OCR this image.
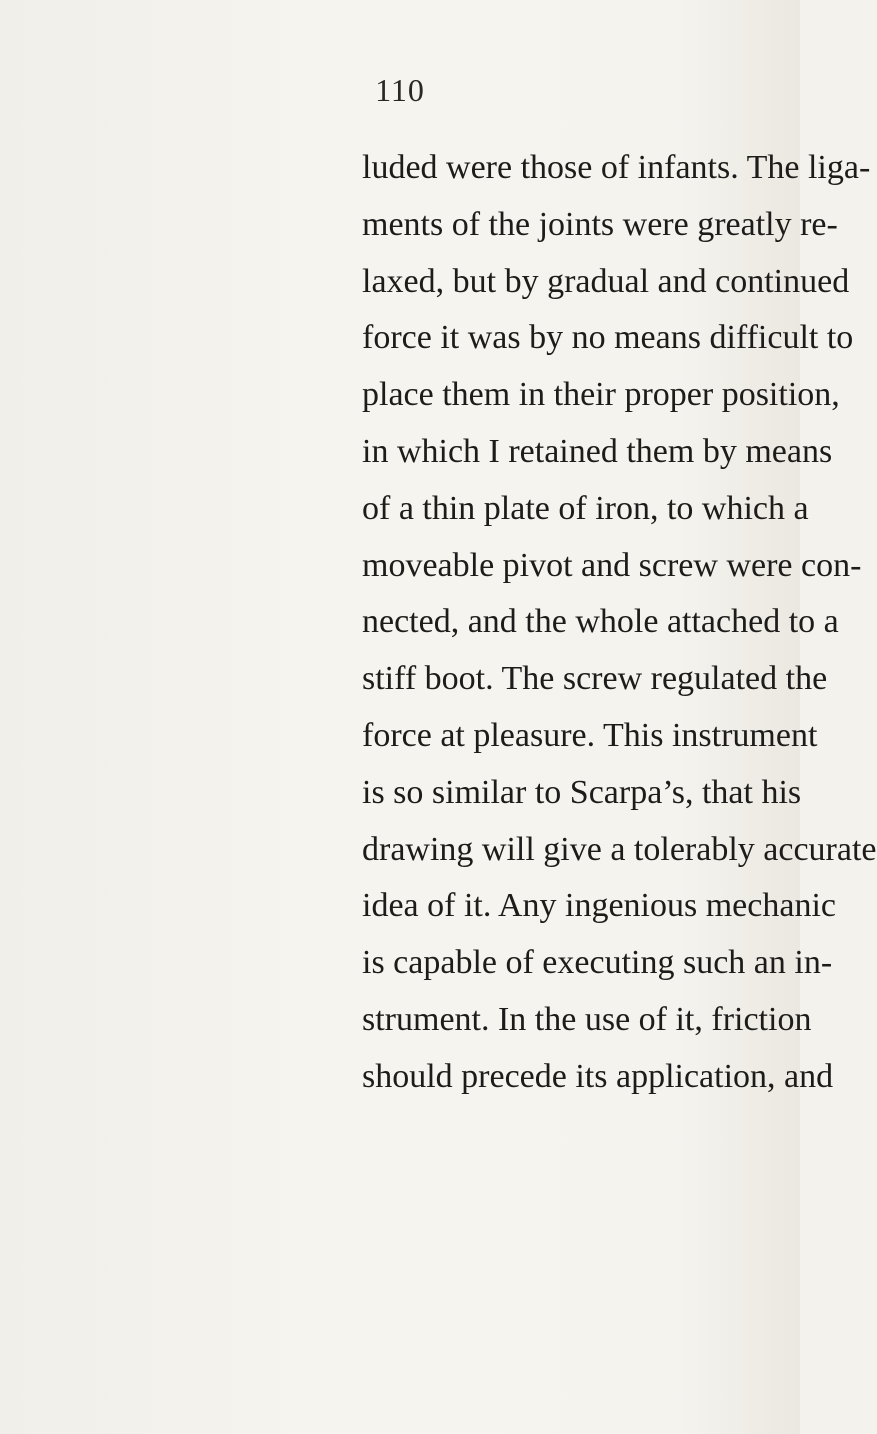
110
luded were those of infants. The liga-
ments of the joints were greatly re-
laxed, but by gradual and continued
force it was by no means difficult to
place them in their proper position,
in which I retained them by means
of a thin plate of iron, to which a
moveable pivot and screw were con-
nected, and the whole attached to a
stiff boot. The screw regulated the
force at pleasure. This instrument
is so similar to Scarpa’s, that his
drawing will give a tolerably accurate
idea of it. Any ingenious mechanic
is capable of executing such an in-
strument. In the use of it, friction
should precede its application, and
